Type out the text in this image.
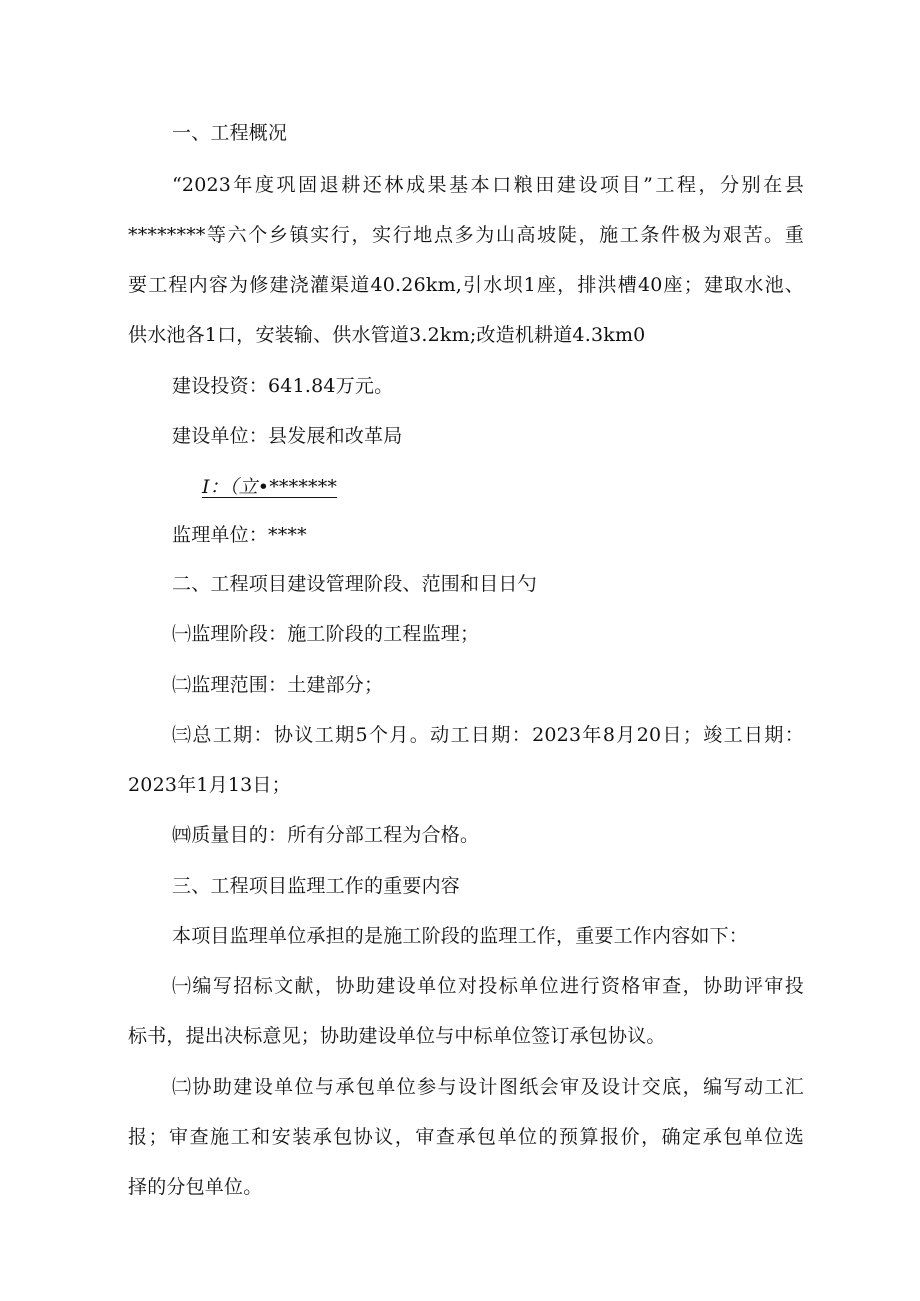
一、工程概况
“2023年度巩固退耕还林成果基本口粮田建设项目”工程，分别在县
********等六个乡镇实行，实行地点多为山高坡陡，施工条件极为艰苦。重
要工程内容为修建浇灌渠道40.26km,引水坝1座，排洪槽40座；建取水池、
供水池各1口，安装输、供水管道3.2km;改造机耕道4.3km0
建设投资：641.84万元。
建设单位：县发展和改革局
I：（立•*******
监理单位：****
二、工程项目建设管理阶段、范围和目日勺
㈠监理阶段：施工阶段的工程监理；
㈡监理范围：土建部分；
㈢总工期：协议工期5个月。动工日期：2023年8月20日；竣工日期：
2023年1月13日；
㈣质量目的：所有分部工程为合格。
三、工程项目监理工作的重要内容
本项目监理单位承担的是施工阶段的监理工作，重要工作内容如下：
㈠编写招标文献，协助建设单位对投标单位进行资格审查，协助评审投
标书，提出决标意见；协助建设单位与中标单位签订承包协议。
㈡协助建设单位与承包单位参与设计图纸会审及设计交底，编写动工汇
报；审查施工和安装承包协议，审查承包单位的预算报价，确定承包单位选
择的分包单位。
